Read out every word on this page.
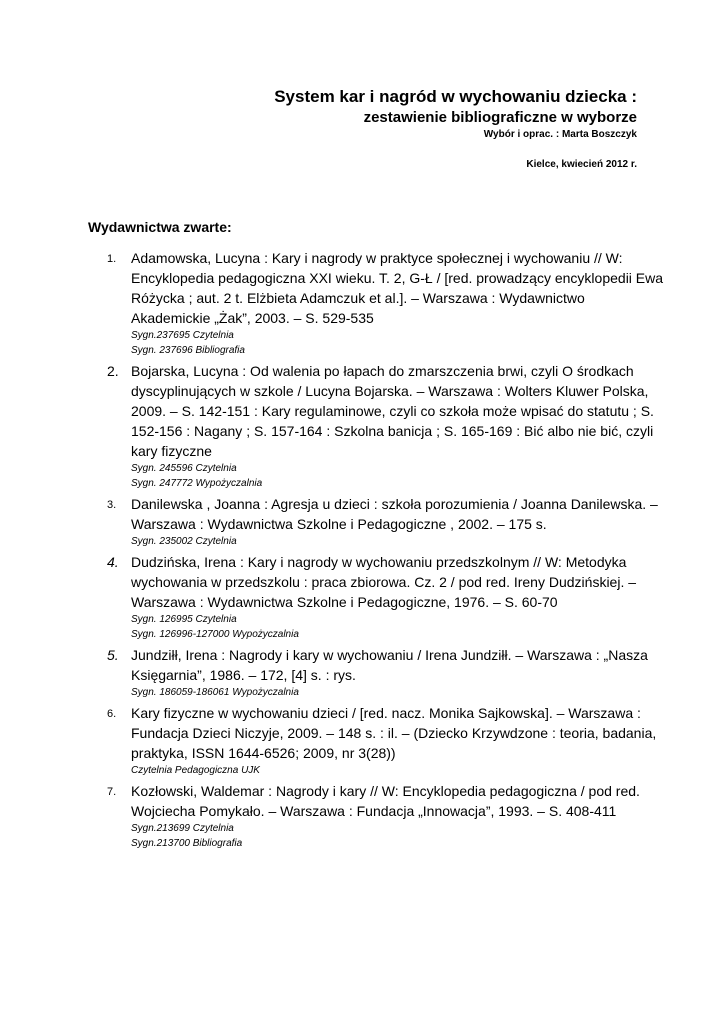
System kar i nagród w wychowaniu dziecka :
zestawienie bibliograficzne w wyborze
Wybór i oprac. : Marta Boszczyk
Kielce, kwiecień 2012 r.
Wydawnictwa zwarte:
1.	Adamowska, Lucyna : Kary i nagrody w praktyce społecznej i wychowaniu // W: Encyklopedia pedagogiczna XXI wieku. T. 2, G-Ł / [red. prowadzący encyklopedii Ewa Różycka ; aut. 2 t. Elżbieta Adamczuk et al.]. – Warszawa : Wydawnictwo Akademickie „Żak”, 2003. – S. 529-535
Sygn.237695 Czytelnia
Sygn. 237696 Bibliografia
2. Bojarska, Lucyna : Od walenia po łapach do zmarszczenia brwi, czyli O środkach dyscyplinujących w szkole / Lucyna Bojarska. – Warszawa : Wolters Kluwer Polska, 2009. – S. 142-151 : Kary regulaminowe, czyli co szkoła może wpisać do statutu ; S. 152-156 : Nagany ; S. 157-164 : Szkolna banicja ; S. 165-169 : Bić albo nie bić, czyli kary fizyczne
Sygn. 245596 Czytelnia
Sygn. 247772 Wypożyczalnia
3.	Danilewska , Joanna : Agresja u dzieci : szkoła porozumienia / Joanna Danilewska. – Warszawa : Wydawnictwa Szkolne i Pedagogiczne , 2002. – 175 s.
Sygn. 235002 Czytelnia
4. Dudzińska, Irena : Kary i nagrody w wychowaniu przedszkolnym // W: Metodyka wychowania w przedszkolu : praca zbiorowa. Cz. 2 / pod red. Ireny Dudzińskiej. – Warszawa : Wydawnictwa Szkolne i Pedagogiczne, 1976. – S. 60-70
Sygn. 126995 Czytelnia
Sygn. 126996-127000 Wypożyczalnia
5. Jundziłł, Irena : Nagrody i kary w wychowaniu / Irena Jundziłł. – Warszawa : „Nasza Księgarnia”, 1986. – 172, [4] s. : rys.
Sygn. 186059-186061 Wypożyczalnia
6.	Kary fizyczne w wychowaniu dzieci / [red. nacz. Monika Sajkowska]. – Warszawa : Fundacja Dzieci Niczyje, 2009. – 148 s. : il. – (Dziecko Krzywdzone : teoria, badania, praktyka, ISSN 1644-6526; 2009, nr 3(28))
Czytelnia Pedagogiczna UJK
7.	Kozłowski, Waldemar : Nagrody i kary // W: Encyklopedia pedagogiczna / pod red. Wojciecha Pomykało. – Warszawa : Fundacja „Innowacja”, 1993. – S. 408-411
Sygn.213699 Czytelnia
Sygn.213700 Bibliografia
